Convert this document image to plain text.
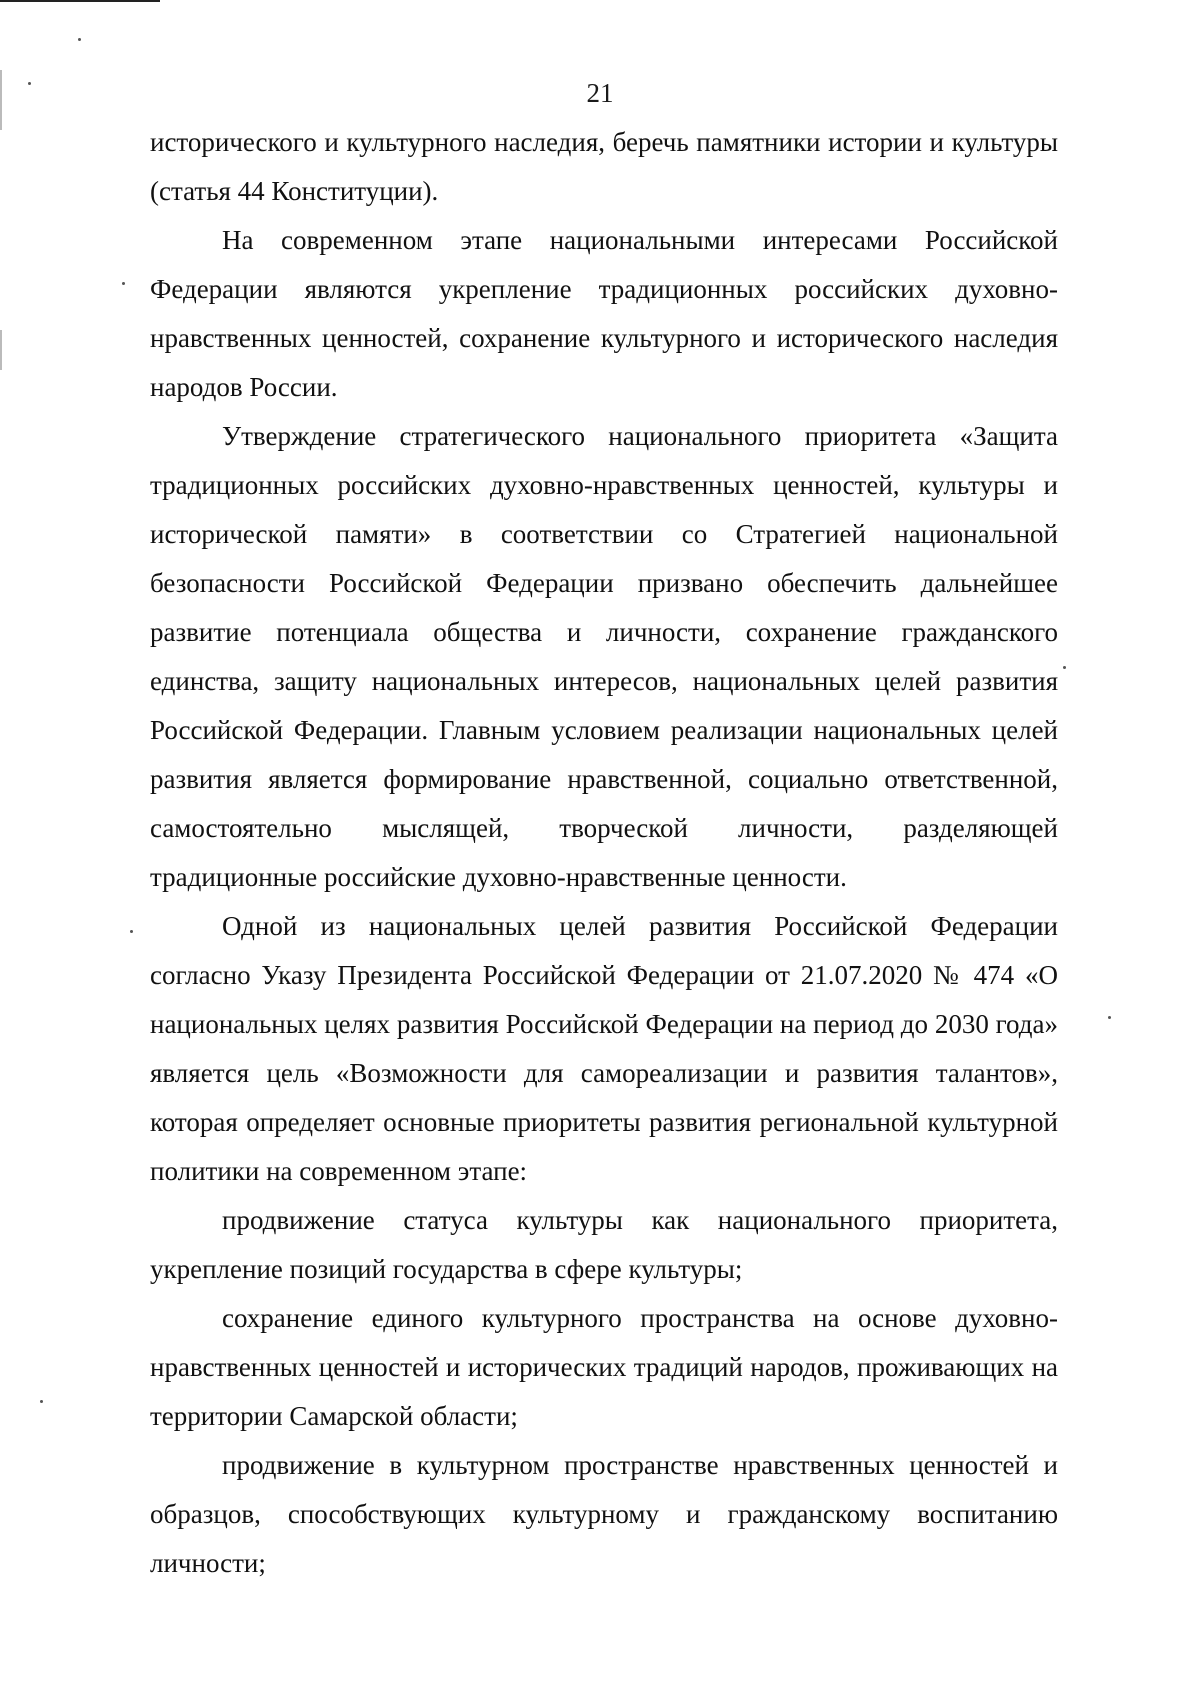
21

исторического и культурного наследия, беречь памятники истории и культуры (статья 44 Конституции).

На современном этапе национальными интересами Российской Федерации являются укрепление традиционных российских духовно-нравственных ценностей, сохранение культурного и исторического наследия народов России.

Утверждение стратегического национального приоритета «Защита традиционных российских духовно-нравственных ценностей, культуры и исторической памяти» в соответствии со Стратегией национальной безопасности Российской Федерации призвано обеспечить дальнейшее развитие потенциала общества и личности, сохранение гражданского единства, защиту национальных интересов, национальных целей развития Российской Федерации. Главным условием реализации национальных целей развития является формирование нравственной, социально ответственной, самостоятельно мыслящей, творческой личности, разделяющей традиционные российские духовно-нравственные ценности.

Одной из национальных целей развития Российской Федерации согласно Указу Президента Российской Федерации от 21.07.2020 № 474 «О национальных целях развития Российской Федерации на период до 2030 года» является цель «Возможности для самореализации и развития талантов», которая определяет основные приоритеты развития региональной культурной политики на современном этапе:

продвижение статуса культуры как национального приоритета, укрепление позиций государства в сфере культуры;

сохранение единого культурного пространства на основе духовно-нравственных ценностей и исторических традиций народов, проживающих на территории Самарской области;

продвижение в культурном пространстве нравственных ценностей и образцов, способствующих культурному и гражданскому воспитанию личности;
